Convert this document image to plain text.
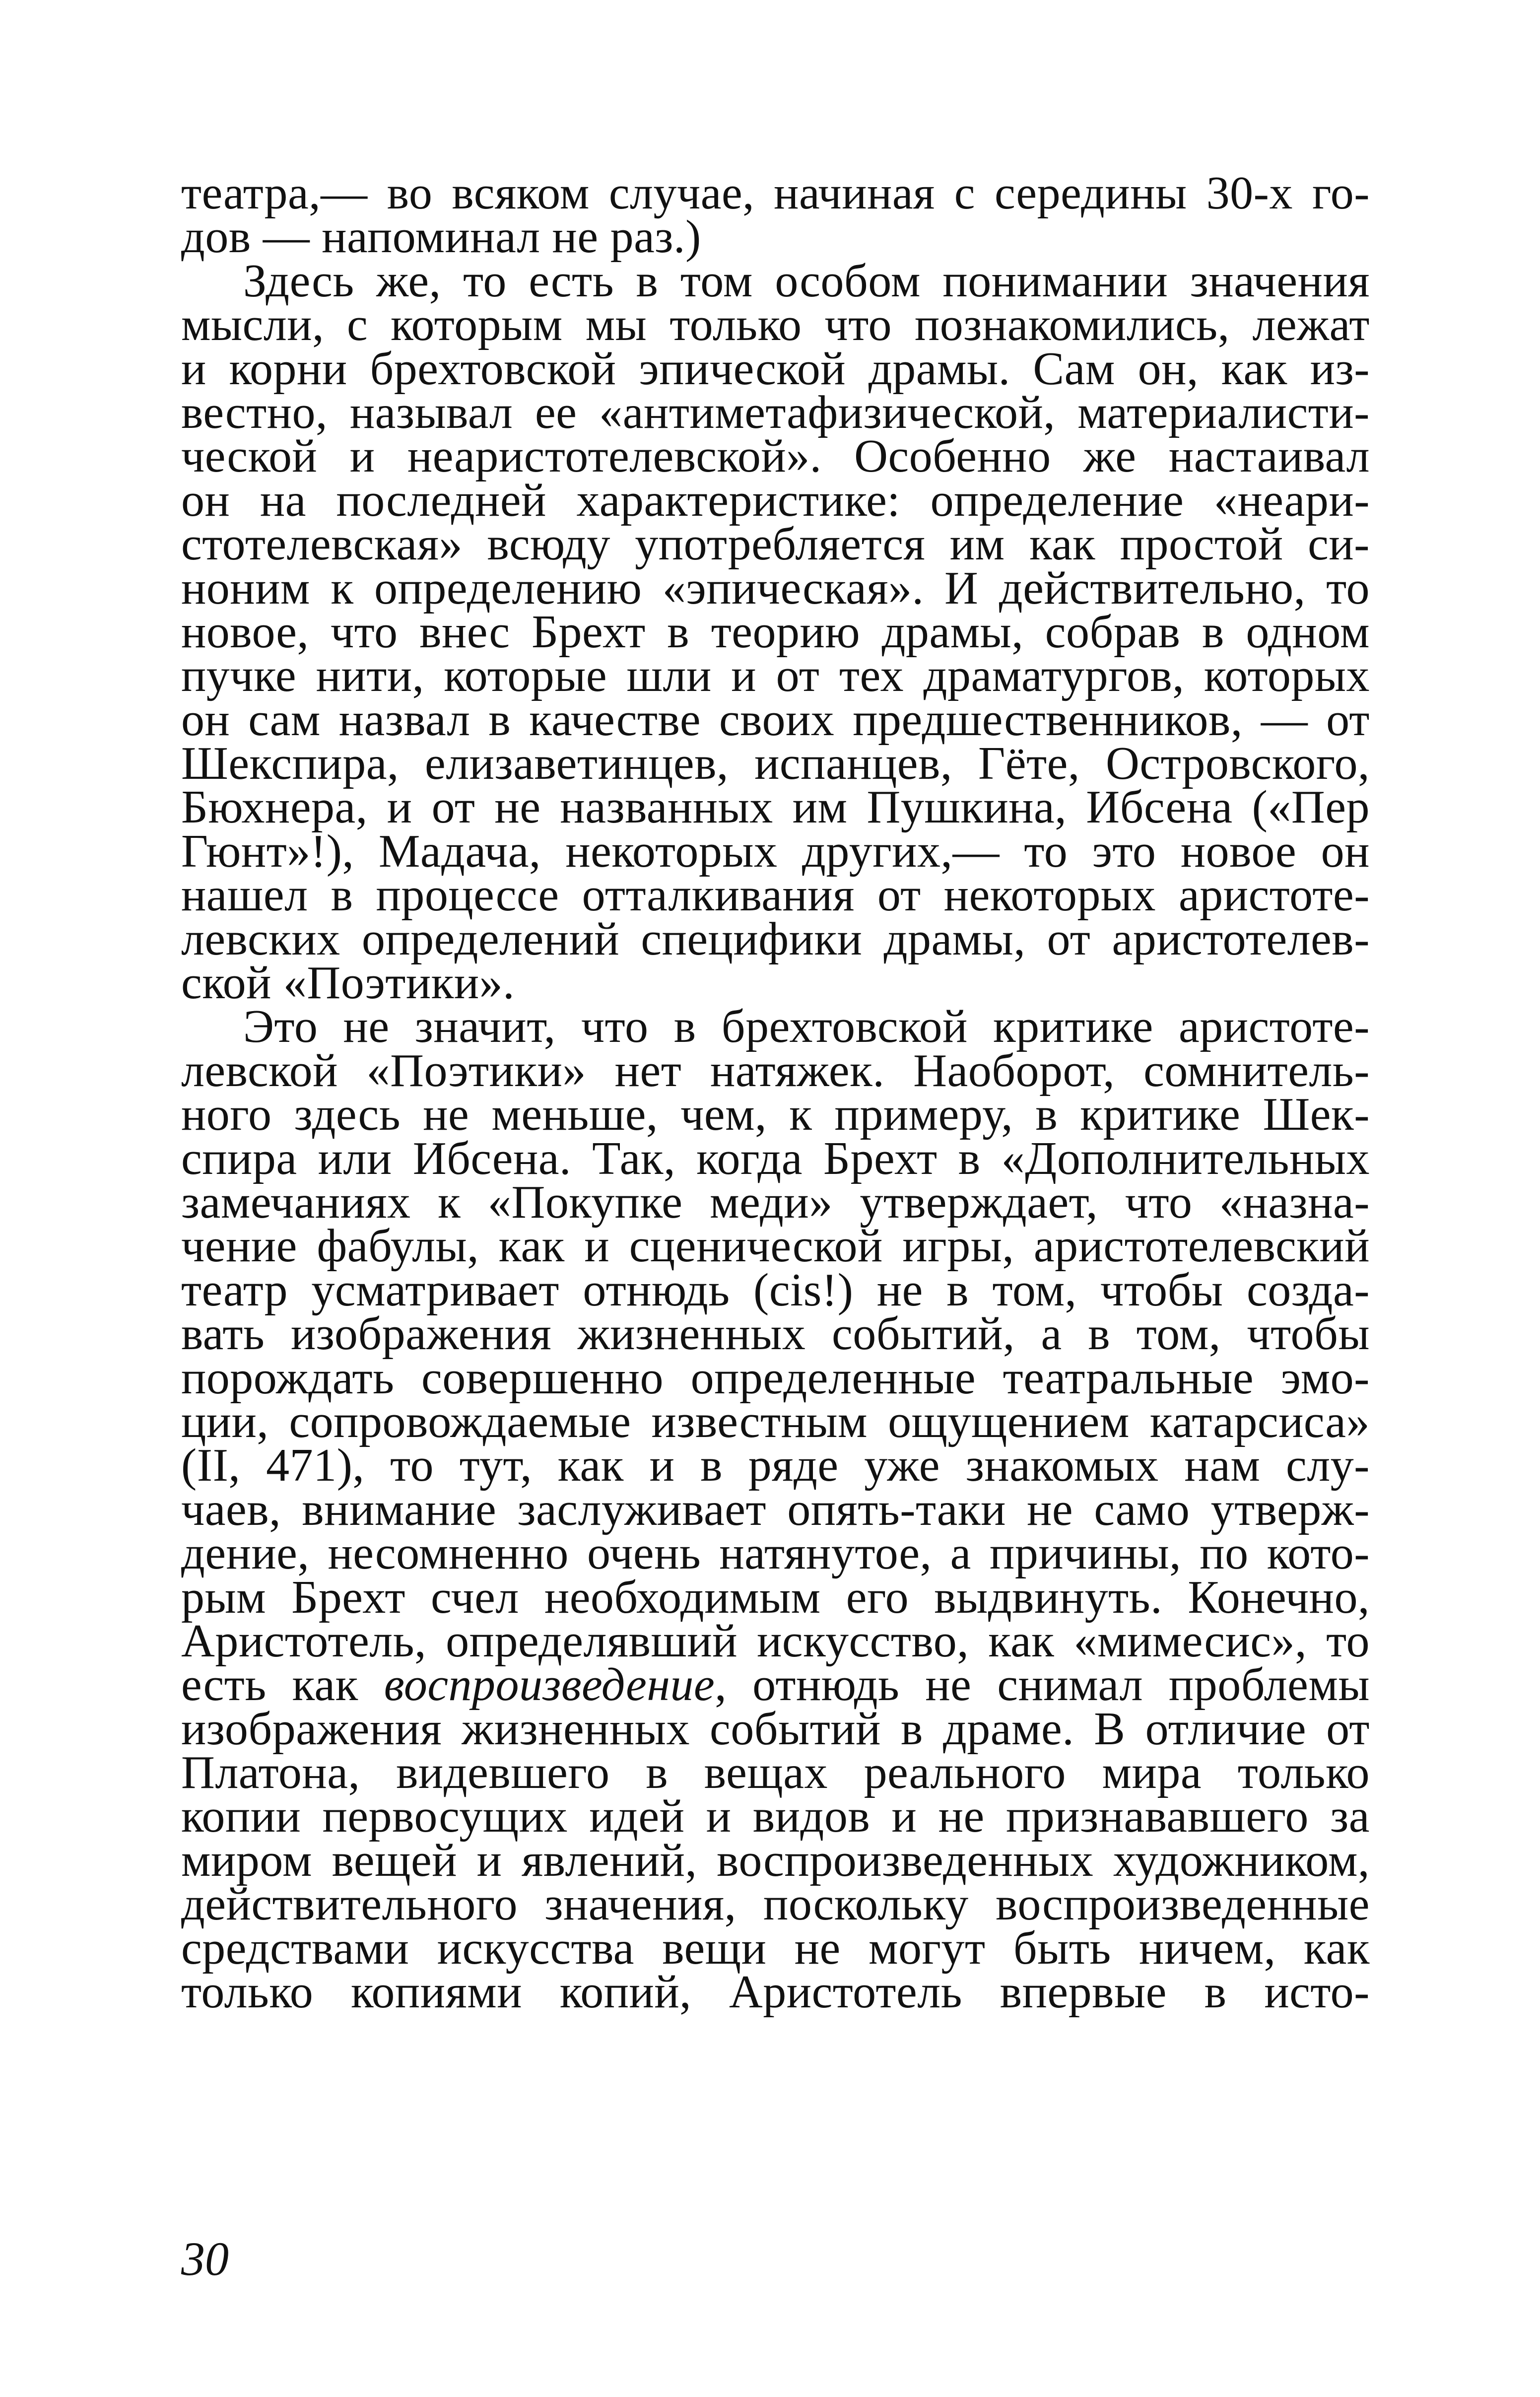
театра,— во всяком случае, начиная с середины 30-х го-
дов — напоминал не раз.)
Здесь же, то есть в том особом понимании значения
мысли, с которым мы только что познакомились, лежат
и корни брехтовской эпической драмы. Сам он, как из-
вестно, называл ее «антиметафизической, материалисти-
ческой и неаристотелевской». Особенно же настаивал
он на последней характеристике: определение «неари-
стотелевская» всюду употребляется им как простой си-
ноним к определению «эпическая». И действительно, то
новое, что внес Брехт в теорию драмы, собрав в одном
пучке нити, которые шли и от тех драматургов, которых
он сам назвал в качестве своих предшественников, — от
Шекспира, елизаветинцев, испанцев, Гёте, Островского,
Бюхнера, и от не названных им Пушкина, Ибсена («Пер
Гюнт»!), Мадача, некоторых других,— то это новое он
нашел в процессе отталкивания от некоторых аристоте-
левских определений специфики драмы, от аристотелев-
ской «Поэтики».
Это не значит, что в брехтовской критике аристоте-
левской «Поэтики» нет натяжек. Наоборот, сомнитель-
ного здесь не меньше, чем, к примеру, в критике Шек-
спира или Ибсена. Так, когда Брехт в «Дополнительных
замечаниях к «Покупке меди» утверждает, что «назна-
чение фабулы, как и сценической игры, аристотелевский
театр усматривает отнюдь (cis!) не в том, чтобы созда-
вать изображения жизненных событий, а в том, чтобы
порождать совершенно определенные театральные эмо-
ции, сопровождаемые известным ощущением катарсиса»
(II, 471), то тут, как и в ряде уже знакомых нам слу-
чаев, внимание заслуживает опять-таки не само утверж-
дение, несомненно очень натянутое, а причины, по кото-
рым Брехт счел необходимым его выдвинуть. Конечно,
Аристотель, определявший искусство, как «мимесис», то
есть как воспроизведение, отнюдь не снимал проблемы
изображения жизненных событий в драме. В отличие от
Платона, видевшего в вещах реального мира только
копии первосущих идей и видов и не признававшего за
миром вещей и явлений, воспроизведенных художником,
действительного значения, поскольку воспроизведенные
средствами искусства вещи не могут быть ничем, как
только копиями копий, Аристотель впервые в исто-
30
